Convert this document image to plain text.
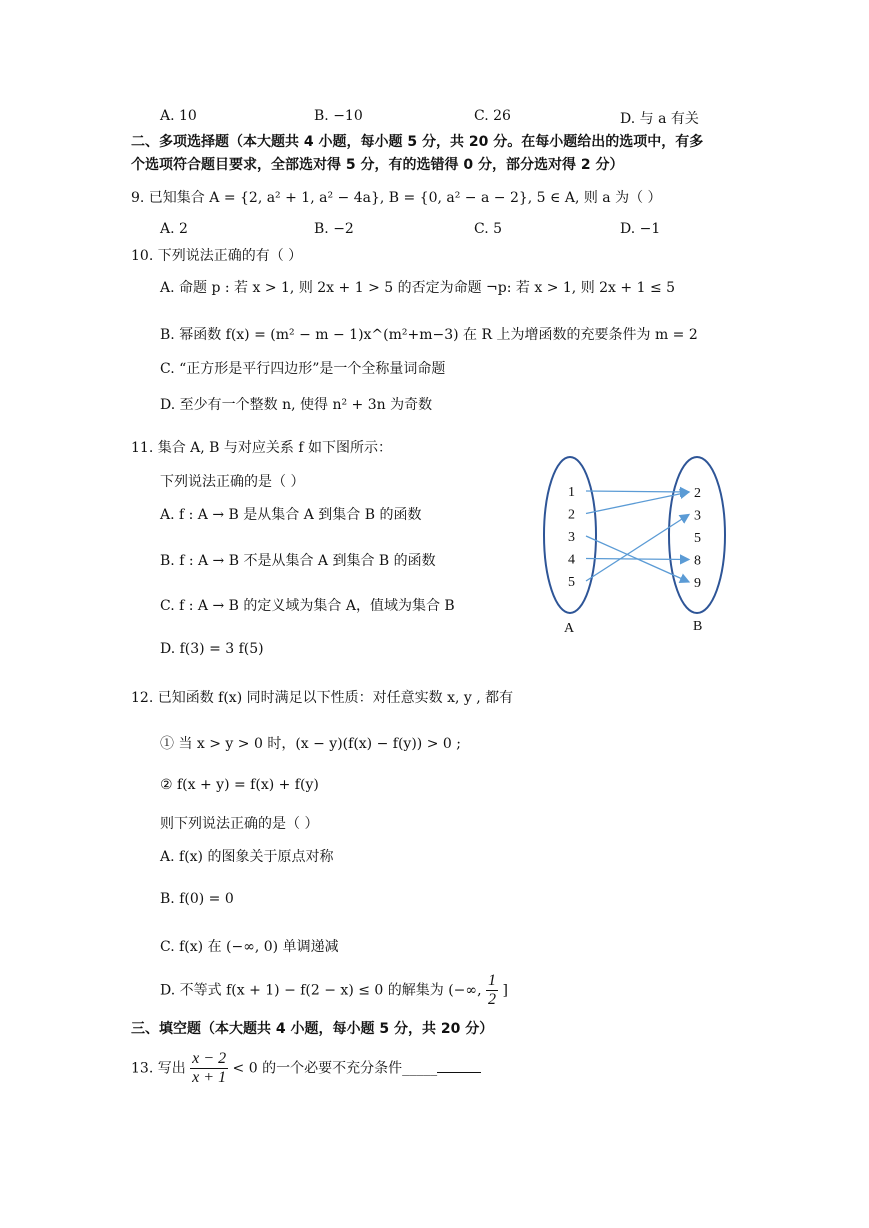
A. 10	B. −10	C. 26	D. 与 a 有关
二、多项选择题（本大题共 4 小题，每小题 5 分，共 20 分。在每小题给出的选项中，有多
个选项符合题目要求，全部选对得 5 分，有的选错得 0 分，部分选对得 2 分）
9. 已知集合 A = {2, a² + 1, a² − 4a}, B = {0, a² − a − 2}, 5 ∈ A, 则 a 为（ ）
A. 2	B. −2	C. 5	D. −1
10. 下列说法正确的有（ ）
A. 命题 p : 若 x > 1, 则 2x + 1 > 5 的否定为命题 ¬p: 若 x > 1, 则 2x + 1 ≤ 5
B. 幂函数 f(x) = (m² − m − 1)x^(m²+m−3) 在 R 上为增函数的充要条件为 m = 2
C. “正方形是平行四边形”是一个全称量词命题
D. 至少有一个整数 n, 使得 n² + 3n 为奇数
11. 集合 A, B 与对应关系 f 如下图所示：
下列说法正确的是（ ）
A. f : A → B 是从集合 A 到集合 B 的函数
B. f : A → B 不是从集合 A 到集合 B 的函数
C. f : A → B 的定义域为集合 A，值域为集合 B
D. f(3) = 3 f(5)
1
2
3
4
5
2
3
5
8
9
A	B
12. 已知函数 f(x) 同时满足以下性质：对任意实数 x, y , 都有
① 当 x > y > 0 时，(x − y)(f(x) − f(y)) > 0 ;
② f(x + y) = f(x) + f(y)
则下列说法正确的是（ ）
A. f(x) 的图象关于原点对称
B. f(0) = 0
C. f(x) 在 (−∞, 0) 单调递减
D. 不等式 f(x + 1) − f(2 − x) ≤ 0 的解集为 (−∞, $\frac{1}{2}$ ]
三、填空题（本大题共 4 小题，每小题 5 分，共 20 分）
13. 写出 $\frac{x - 2}{x + 1} < 0$ 的一个必要不充分条件_____
